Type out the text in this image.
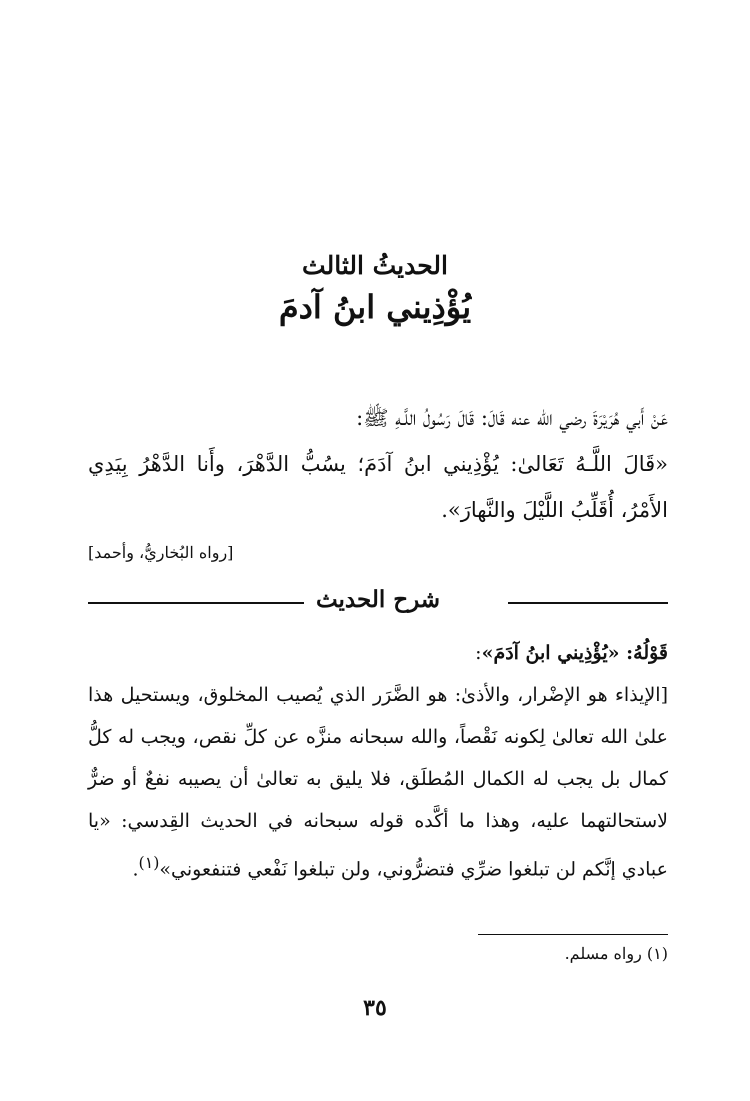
الحديثُ الثالث
يُؤْذِيني ابنُ آدمَ

عَنْ أَبي هُرَيْرَةَ رضي الله عنه قَالَ: قَالَ رَسُولُ اللَّـهِ ﷺ:

«قَالَ اللَّـهُ تَعَالىٰ: يُؤْذِيني ابنُ آدَمَ؛ يسُبُّ الدَّهْرَ، وأَنا الدَّهْرُ بِيَدِي الأَمْرُ، أُقَلِّبُ اللَّيْلَ والنَّهارَ».

[رواه البُخاريُّ، وأحمد]
شرح الحديث

قَوْلُهُ: «يُؤْذِيني ابنُ آدَمَ»:

[الإيذاء هو الإضْرار، والأذىٰ: هو الضَّرَر الذي يُصيب المخلوق، ويستحيل هذا علىٰ الله تعالىٰ لِكونه نَقْصاً، والله سبحانه منزَّه عن كلِّ نقص، ويجب له كلُّ كمال بل يجب له الكمال المُطلَق، فلا يليق به تعالىٰ أن يصيبه نفعٌ أو ضرٌّ لاستحالتهما عليه، وهذا ما أكَّده قوله سبحانه في الحديث القِدسي: «يا عبادي إنَّكم لن تبلغوا ضرِّي فتضرُّوني، ولن تبلغوا نَفْعي فتنفعوني»$^{(١)}$.

(١) رواه مسلم.
٣٥
